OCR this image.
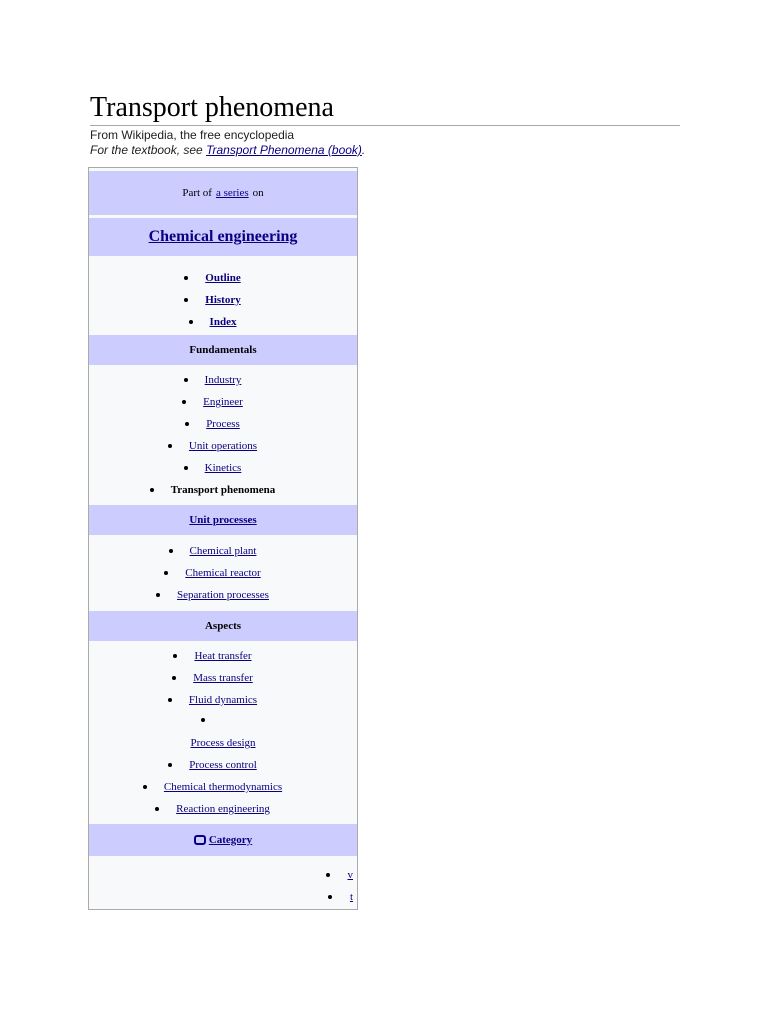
Transport phenomena
From Wikipedia, the free encyclopedia
For the textbook, see Transport Phenomena (book).
Part of a series on
Chemical engineering
Outline
History
Index
Fundamentals
Industry
Engineer
Process
Unit operations
Kinetics
Transport phenomena
Unit processes
Chemical plant
Chemical reactor
Separation processes
Aspects
Heat transfer
Mass transfer
Fluid dynamics
Process design
Process control
Chemical thermodynamics
Reaction engineering
Category
v
t
